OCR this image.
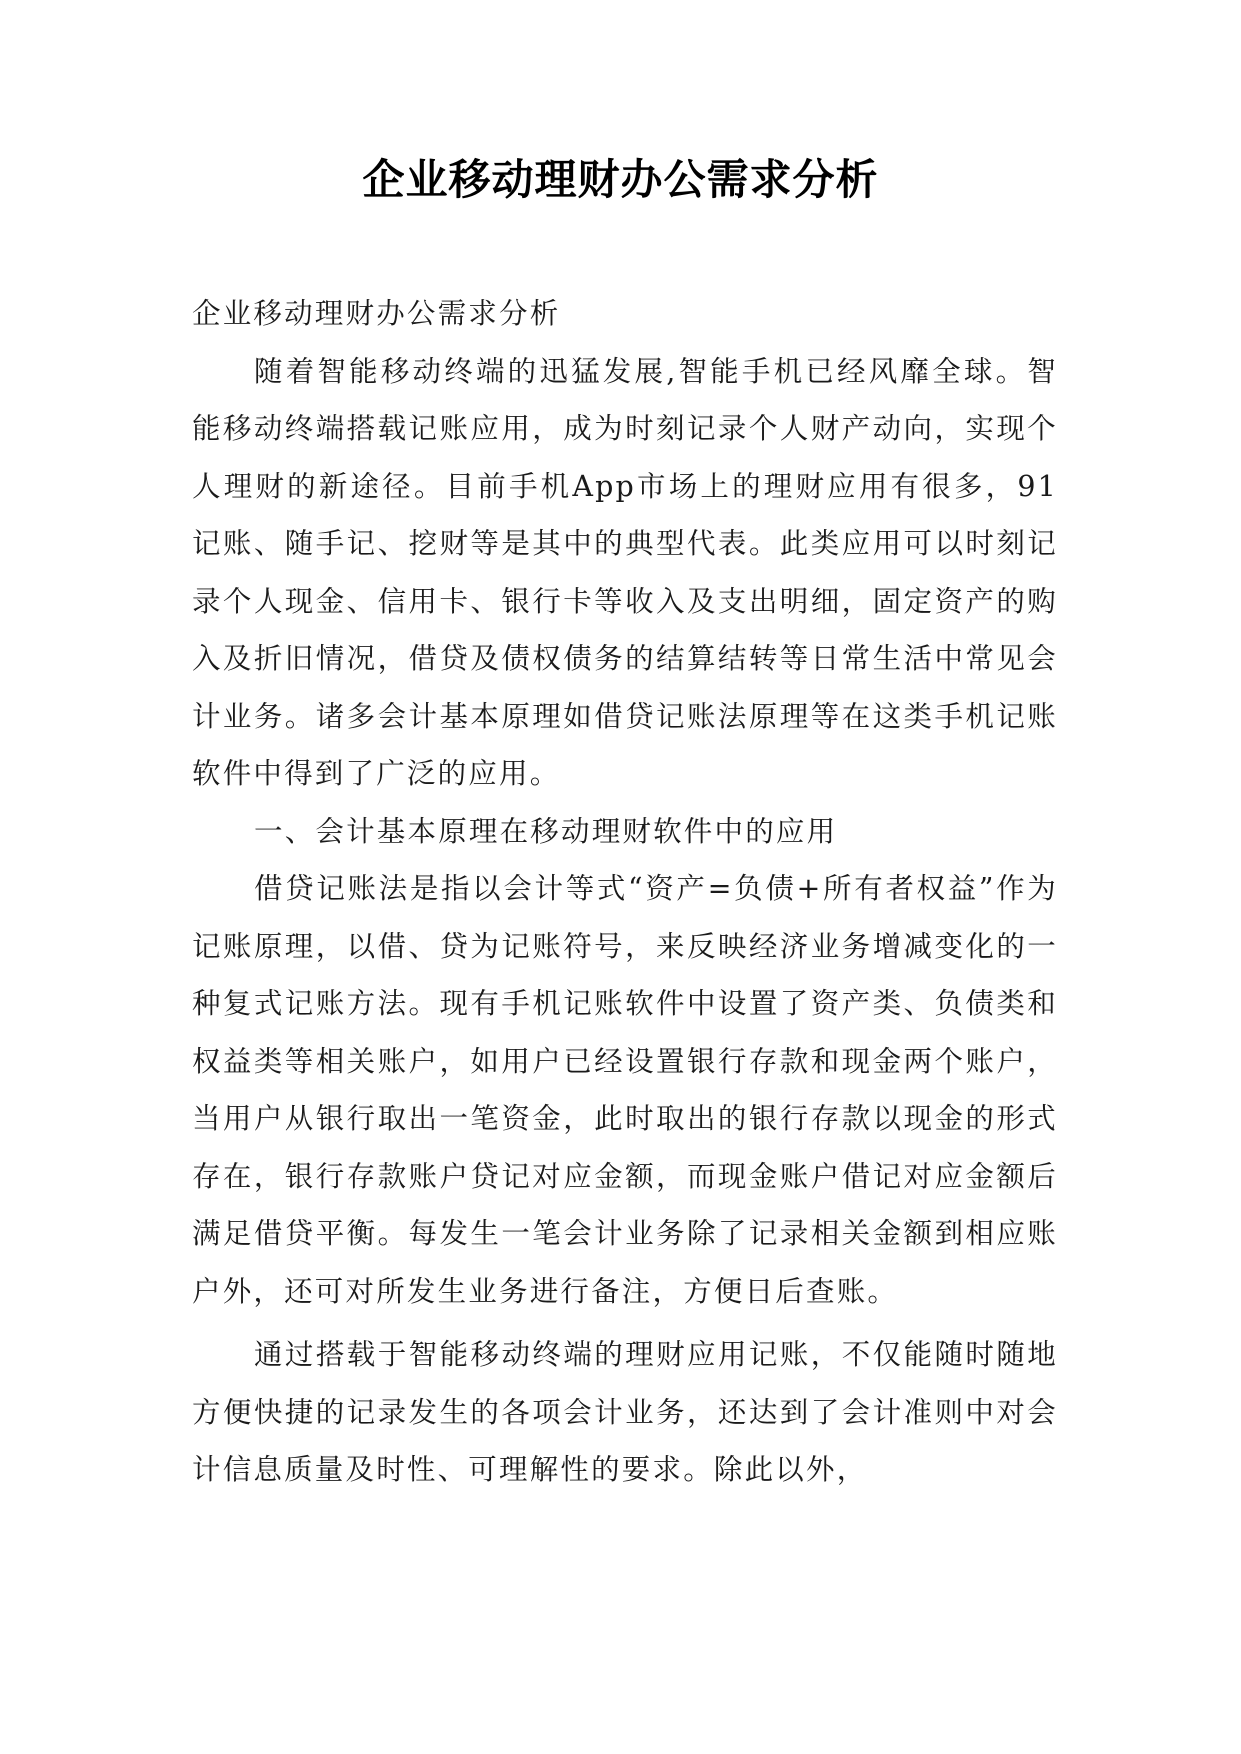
企业移动理财办公需求分析

企业移动理财办公需求分析

随着智能移动终端的迅猛发展,智能手机已经风靡全球。智能移动终端搭载记账应用，成为时刻记录个人财产动向，实现个人理财的新途径。目前手机App市场上的理财应用有很多，91记账、随手记、挖财等是其中的典型代表。此类应用可以时刻记录个人现金、信用卡、银行卡等收入及支出明细，固定资产的购入及折旧情况，借贷及债权债务的结算结转等日常生活中常见会计业务。诸多会计基本原理如借贷记账法原理等在这类手机记账软件中得到了广泛的应用。

一、会计基本原理在移动理财软件中的应用

借贷记账法是指以会计等式“资产=负债+所有者权益”作为记账原理，以借、贷为记账符号，来反映经济业务增减变化的一种复式记账方法。现有手机记账软件中设置了资产类、负债类和权益类等相关账户，如用户已经设置银行存款和现金两个账户，当用户从银行取出一笔资金，此时取出的银行存款以现金的形式存在，银行存款账户贷记对应金额，而现金账户借记对应金额后满足借贷平衡。每发生一笔会计业务除了记录相关金额到相应账户外，还可对所发生业务进行备注，方便日后查账。

通过搭载于智能移动终端的理财应用记账，不仅能随时随地方便快捷的记录发生的各项会计业务，还达到了会计准则中对会计信息质量及时性、可理解性的要求。除此以外，
